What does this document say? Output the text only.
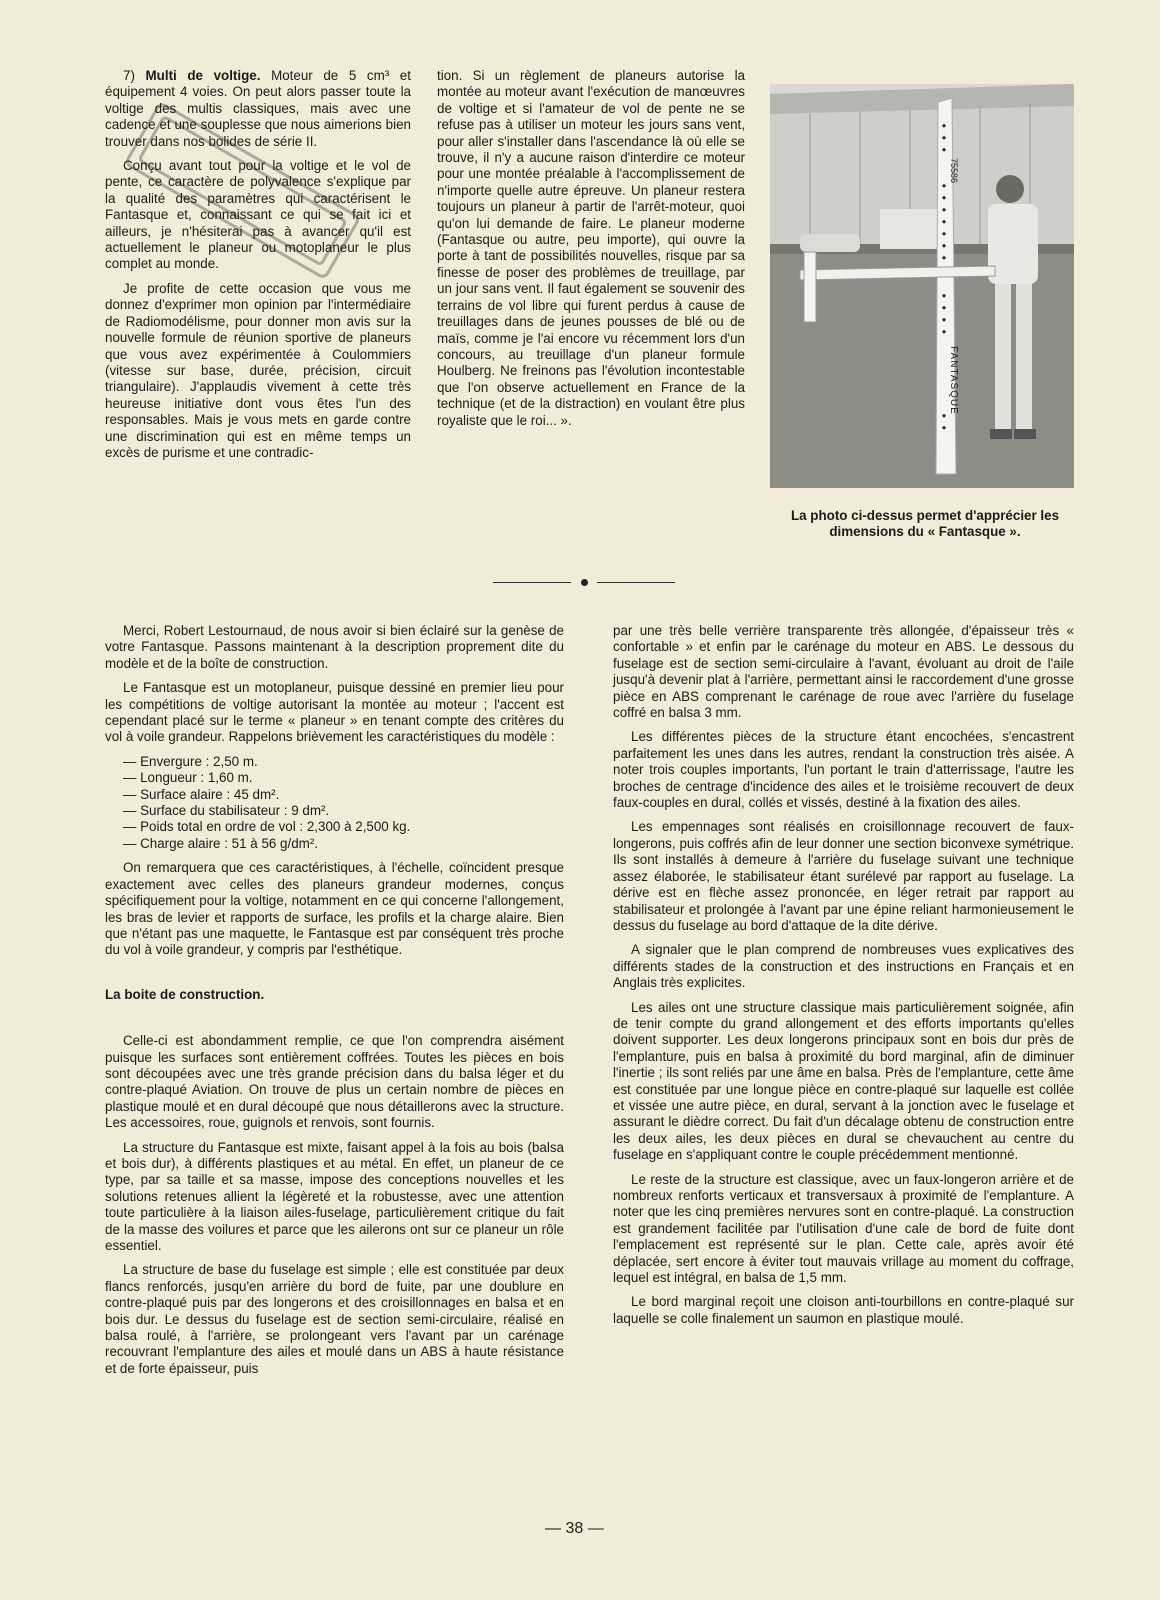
7) Multi de voltige. Moteur de 5 cm³ et équipement 4 voies. On peut alors passer toute la voltige des multis classiques, mais avec une cadence et une souplesse que nous aimerions bien trouver dans nos bolides de série II.

Conçu avant tout pour la voltige et le vol de pente, ce caractère de polyvalence s'explique par la qualité des paramètres qui caractérisent le Fantasque et, connaissant ce qui se fait ici et ailleurs, je n'hésiterai pas à avancer qu'il est actuellement le planeur ou motoplaneur le plus complet au monde.

Je profite de cette occasion que vous me donnez d'exprimer mon opinion par l'intermédiaire de Radiomodélisme, pour donner mon avis sur la nouvelle formule de réunion sportive de planeurs que vous avez expérimentée à Coulommiers (vitesse sur base, durée, précision, circuit triangulaire). J'applaudis vivement à cette très heureuse initiative dont vous êtes l'un des responsables. Mais je vous mets en garde contre une discrimination qui est en même temps un excès de purisme et une contradic-

tion. Si un règlement de planeurs autorise la montée au moteur avant l'exécution de manœuvres de voltige et si l'amateur de vol de pente ne se refuse pas à utiliser un moteur les jours sans vent, pour aller s'installer dans l'ascendance là où elle se trouve, il n'y a aucune raison d'interdire ce moteur pour une montée préalable à l'accomplissement de n'importe quelle autre épreuve. Un planeur restera toujours un planeur à partir de l'arrêt-moteur, quoi qu'on lui demande de faire. Le planeur moderne (Fantasque ou autre, peu importe), qui ouvre la porte à tant de possibilités nouvelles, risque par sa finesse de poser des problèmes de treuillage, par un jour sans vent. Il faut également se souvenir des terrains de vol libre qui furent perdus à cause de treuillages dans de jeunes pousses de blé ou de maïs, comme je l'ai encore vu récemment lors d'un concours, au treuillage d'un planeur formule Houlberg. Ne freinons pas l'évolution incontestable que l'on observe actuellement en France de la technique (et de la distraction) en voulant être plus royaliste que le roi... ».

75586
FANTASQUE
La photo ci-dessus permet d'apprécier les dimensions du « Fantasque ».

Merci, Robert Lestournaud, de nous avoir si bien éclairé sur la genèse de votre Fantasque. Passons maintenant à la description proprement dite du modèle et de la boîte de construction.

Le Fantasque est un motoplaneur, puisque dessiné en premier lieu pour les compétitions de voltige autorisant la montée au moteur ; l'accent est cependant placé sur le terme « planeur » en tenant compte des critères du vol à voile grandeur. Rappelons brièvement les caractéristiques du modèle :

— Envergure : 2,50 m.
— Longueur : 1,60 m.
— Surface alaire : 45 dm².
— Surface du stabilisateur : 9 dm².
— Poids total en ordre de vol : 2,300 à 2,500 kg.
— Charge alaire : 51 à 56 g/dm².

On remarquera que ces caractéristiques, à l'échelle, coïncident presque exactement avec celles des planeurs grandeur modernes, conçus spécifiquement pour la voltige, notamment en ce qui concerne l'allongement, les bras de levier et rapports de surface, les profils et la charge alaire. Bien que n'étant pas une maquette, le Fantasque est par conséquent très proche du vol à voile grandeur, y compris par l'esthétique.

La boite de construction.

Celle-ci est abondamment remplie, ce que l'on comprendra aisément puisque les surfaces sont entièrement coffrées. Toutes les pièces en bois sont découpées avec une très grande précision dans du balsa léger et du contre-plaqué Aviation. On trouve de plus un certain nombre de pièces en plastique moulé et en dural découpé que nous détaillerons avec la structure. Les accessoires, roue, guignols et renvois, sont fournis.

La structure du Fantasque est mixte, faisant appel à la fois au bois (balsa et bois dur), à différents plastiques et au métal. En effet, un planeur de ce type, par sa taille et sa masse, impose des conceptions nouvelles et les solutions retenues allient la légèreté et la robustesse, avec une attention toute particulière à la liaison ailes-fuselage, particulièrement critique du fait de la masse des voilures et parce que les ailerons ont sur ce planeur un rôle essentiel.

La structure de base du fuselage est simple ; elle est constituée par deux flancs renforcés, jusqu'en arrière du bord de fuite, par une doublure en contre-plaqué puis par des longerons et des croisillonnages en balsa et en bois dur. Le dessus du fuselage est de section semi-circulaire, réalisé en balsa roulé, à l'arrière, se prolongeant vers l'avant par un carénage recouvrant l'emplanture des ailes et moulé dans un ABS à haute résistance et de forte épaisseur, puis

par une très belle verrière transparente très allongée, d'épaisseur très « confortable » et enfin par le carénage du moteur en ABS. Le dessous du fuselage est de section semi-circulaire à l'avant, évoluant au droit de l'aile jusqu'à devenir plat à l'arrière, permettant ainsi le raccordement d'une grosse pièce en ABS comprenant le carénage de roue avec l'arrière du fuselage coffré en balsa 3 mm.

Les différentes pièces de la structure étant encochées, s'encastrent parfaitement les unes dans les autres, rendant la construction très aisée. A noter trois couples importants, l'un portant le train d'atterrissage, l'autre les broches de centrage d'incidence des ailes et le troisième recouvert de deux faux-couples en dural, collés et vissés, destiné à la fixation des ailes.

Les empennages sont réalisés en croisillonnage recouvert de faux-longerons, puis coffrés afin de leur donner une section biconvexe symétrique. Ils sont installés à demeure à l'arrière du fuselage suivant une technique assez élaborée, le stabilisateur étant surélevé par rapport au fuselage. La dérive est en flèche assez prononcée, en léger retrait par rapport au stabilisateur et prolongée à l'avant par une épine reliant harmonieusement le dessus du fuselage au bord d'attaque de la dite dérive.

A signaler que le plan comprend de nombreuses vues explicatives des différents stades de la construction et des instructions en Français et en Anglais très explicites.

Les ailes ont une structure classique mais particulièrement soignée, afin de tenir compte du grand allongement et des efforts importants qu'elles doivent supporter. Les deux longerons principaux sont en bois dur près de l'emplanture, puis en balsa à proximité du bord marginal, afin de diminuer l'inertie ; ils sont reliés par une âme en balsa. Près de l'emplanture, cette âme est constituée par une longue pièce en contre-plaqué sur laquelle est collée et vissée une autre pièce, en dural, servant à la jonction avec le fuselage et assurant le dièdre correct. Du fait d'un décalage obtenu de construction entre les deux ailes, les deux pièces en dural se chevauchent au centre du fuselage en s'appliquant contre le couple précédemment mentionné.

Le reste de la structure est classique, avec un faux-longeron arrière et de nombreux renforts verticaux et transversaux à proximité de l'emplanture. A noter que les cinq premières nervures sont en contre-plaqué. La construction est grandement facilitée par l'utilisation d'une cale de bord de fuite dont l'emplacement est représenté sur le plan. Cette cale, après avoir été déplacée, sert encore à éviter tout mauvais vrillage au moment du coffrage, lequel est intégral, en balsa de 1,5 mm.

Le bord marginal reçoit une cloison anti-tourbillons en contre-plaqué sur laquelle se colle finalement un saumon en plastique moulé.

— 38 —
